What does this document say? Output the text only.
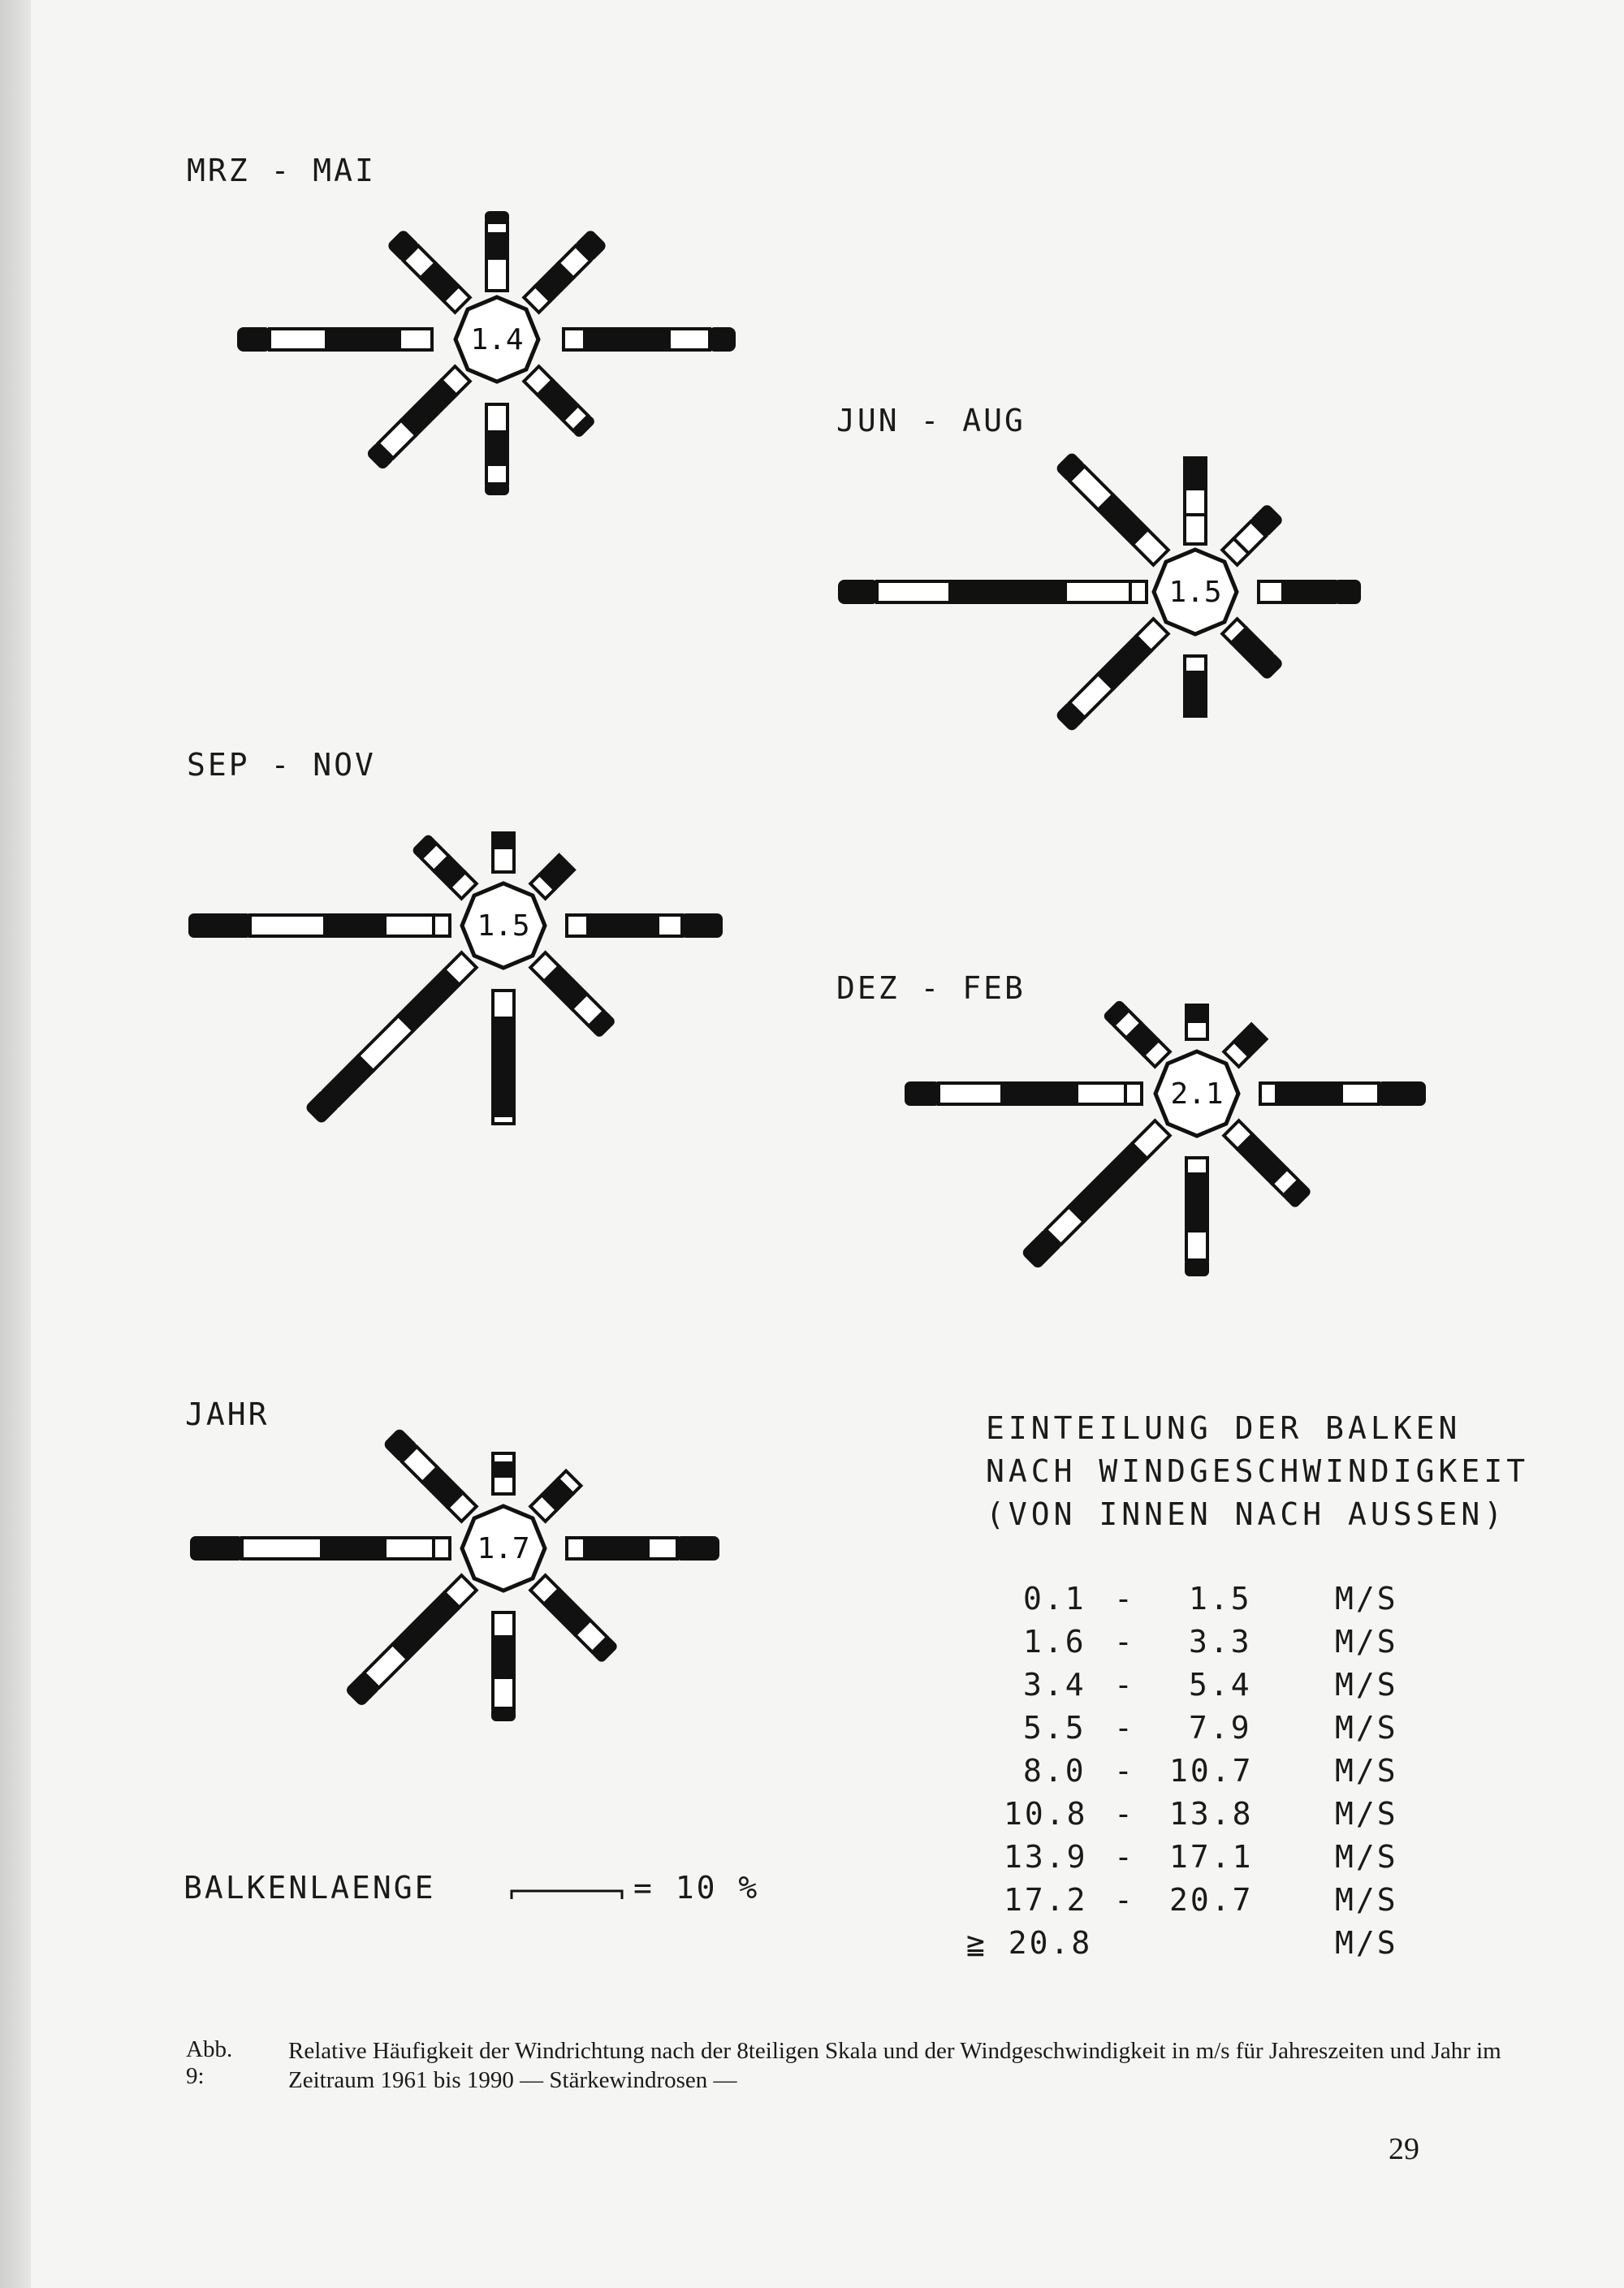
MRZ - MAI
1.4
JUN - AUG
1.5
SEP - NOV
1.5
DEZ - FEB
2.1
JAHR
1.7
EINTEILUNG DER BALKEN
NACH WINDGESCHWINDIGKEIT
(VON INNEN NACH AUSSEN)
0.1 - 1.5	M/S
1.6 - 3.3	M/S
3.4 - 5.4	M/S
5.5 - 7.9	M/S
8.0 - 10.7	M/S
10.8 - 13.8	M/S
13.9 - 17.1	M/S
17.2 - 20.7	M/S
≧ 20.8	M/S
BALKENLAENGE	= 10 %
Abb. 9:
Relative Häufigkeit der Windrichtung nach der 8teiligen Skala und der Windgeschwindigkeit in m/s für Jahreszeiten und Jahr im Zeitraum 1961 bis 1990 — Stärkewindrosen —
29
